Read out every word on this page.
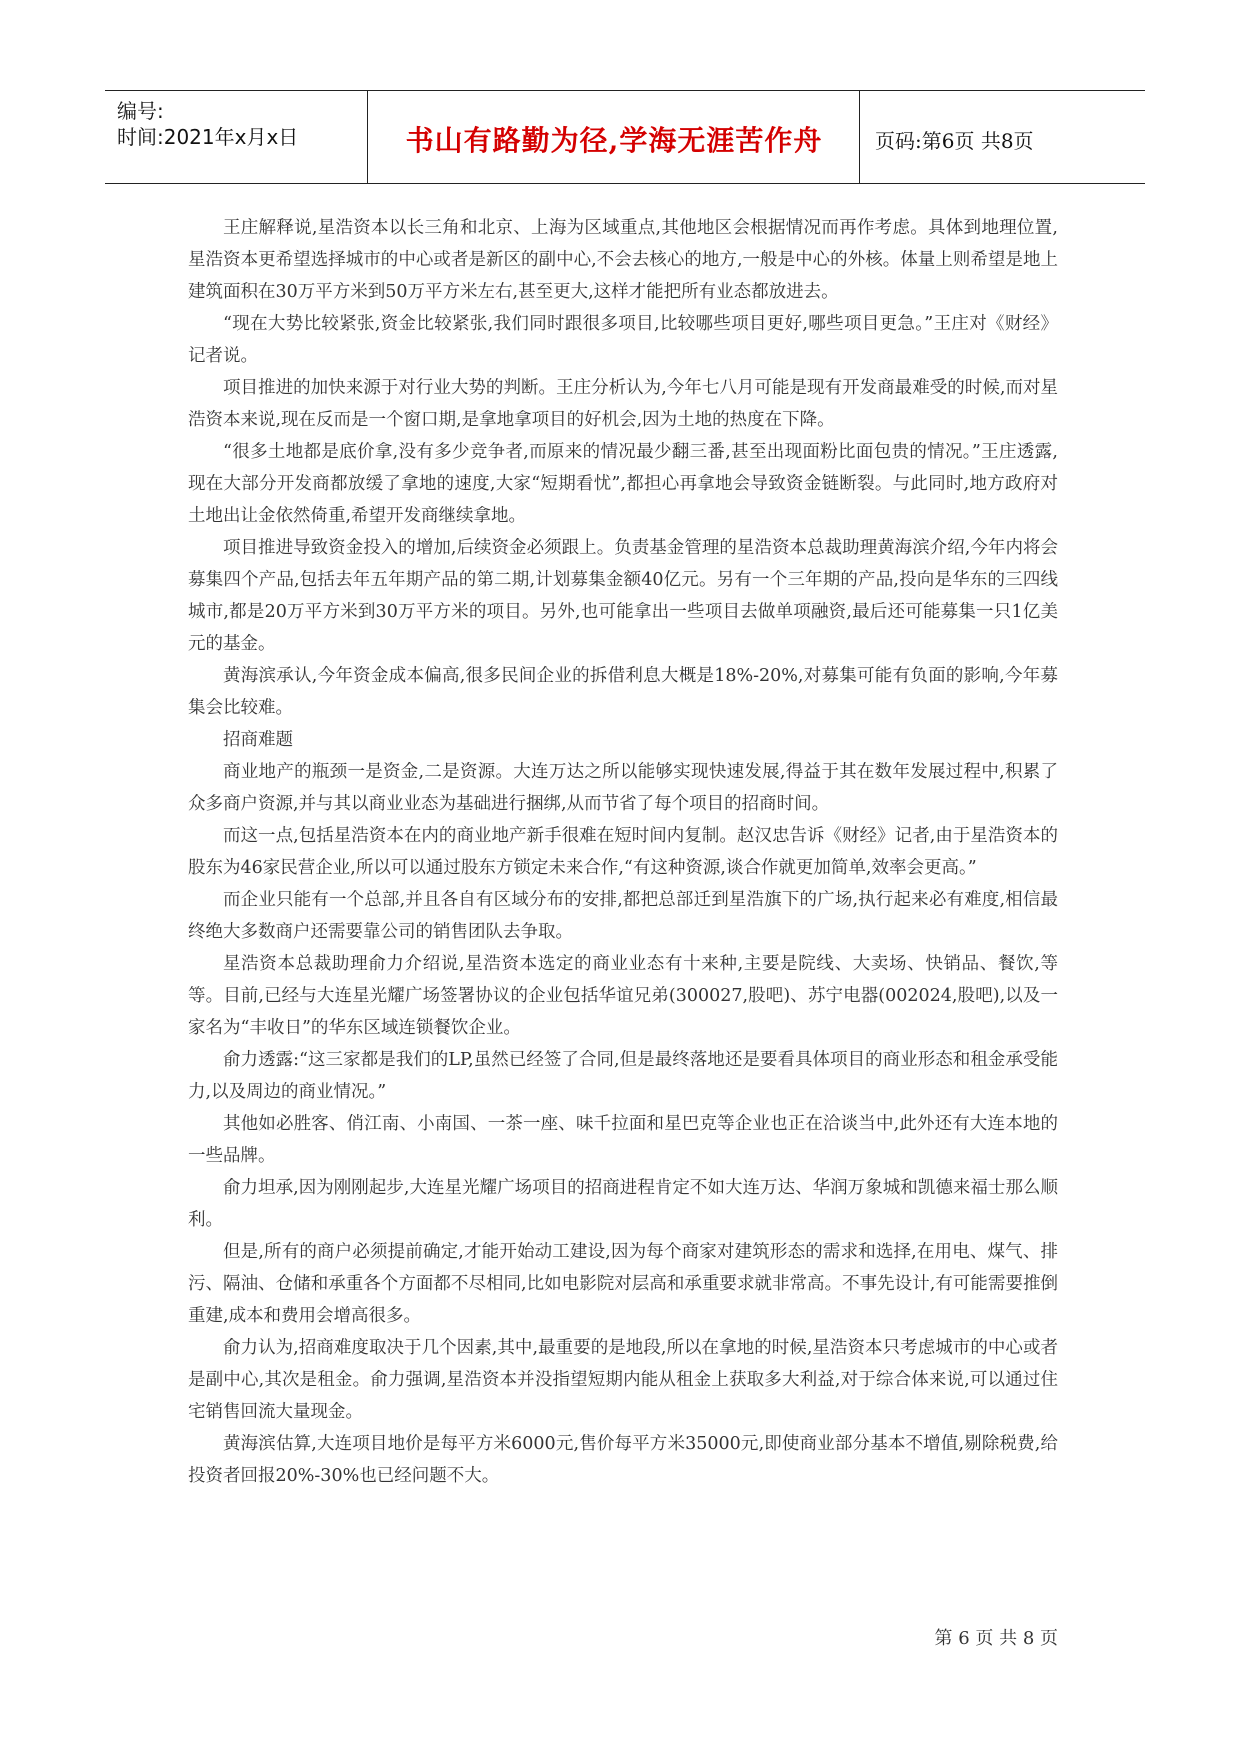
编号:
时间:2021年x月x日	书山有路勤为径,学海无涯苦作舟	页码:第6页 共8页

王庄解释说,星浩资本以长三角和北京、上海为区域重点,其他地区会根据情况而再作考虑。具体到地理位置,星浩资本更希望选择城市的中心或者是新区的副中心,不会去核心的地方,一般是中心的外核。体量上则希望是地上建筑面积在30万平方米到50万平方米左右,甚至更大,这样才能把所有业态都放进去。

“现在大势比较紧张,资金比较紧张,我们同时跟很多项目,比较哪些项目更好,哪些项目更急。”王庄对《财经》记者说。

项目推进的加快来源于对行业大势的判断。王庄分析认为,今年七八月可能是现有开发商最难受的时候,而对星浩资本来说,现在反而是一个窗口期,是拿地拿项目的好机会,因为土地的热度在下降。

“很多土地都是底价拿,没有多少竞争者,而原来的情况最少翻三番,甚至出现面粉比面包贵的情况。”王庄透露,现在大部分开发商都放缓了拿地的速度,大家“短期看忧”,都担心再拿地会导致资金链断裂。与此同时,地方政府对土地出让金依然倚重,希望开发商继续拿地。

项目推进导致资金投入的增加,后续资金必须跟上。负责基金管理的星浩资本总裁助理黄海滨介绍,今年内将会募集四个产品,包括去年五年期产品的第二期,计划募集金额40亿元。另有一个三年期的产品,投向是华东的三四线城市,都是20万平方米到30万平方米的项目。另外,也可能拿出一些项目去做单项融资,最后还可能募集一只1亿美元的基金。

黄海滨承认,今年资金成本偏高,很多民间企业的拆借利息大概是18%-20%,对募集可能有负面的影响,今年募集会比较难。

招商难题

商业地产的瓶颈一是资金,二是资源。大连万达之所以能够实现快速发展,得益于其在数年发展过程中,积累了众多商户资源,并与其以商业业态为基础进行捆绑,从而节省了每个项目的招商时间。

而这一点,包括星浩资本在内的商业地产新手很难在短时间内复制。赵汉忠告诉《财经》记者,由于星浩资本的股东为46家民营企业,所以可以通过股东方锁定未来合作,“有这种资源,谈合作就更加简单,效率会更高。”

而企业只能有一个总部,并且各自有区域分布的安排,都把总部迁到星浩旗下的广场,执行起来必有难度,相信最终绝大多数商户还需要靠公司的销售团队去争取。

星浩资本总裁助理俞力介绍说,星浩资本选定的商业业态有十来种,主要是院线、大卖场、快销品、餐饮,等等。目前,已经与大连星光耀广场签署协议的企业包括华谊兄弟(300027,股吧)、苏宁电器(002024,股吧),以及一家名为“丰收日”的华东区域连锁餐饮企业。

俞力透露:“这三家都是我们的LP,虽然已经签了合同,但是最终落地还是要看具体项目的商业形态和租金承受能力,以及周边的商业情况。”

其他如必胜客、俏江南、小南国、一茶一座、味千拉面和星巴克等企业也正在洽谈当中,此外还有大连本地的一些品牌。

俞力坦承,因为刚刚起步,大连星光耀广场项目的招商进程肯定不如大连万达、华润万象城和凯德来福士那么顺利。

但是,所有的商户必须提前确定,才能开始动工建设,因为每个商家对建筑形态的需求和选择,在用电、煤气、排污、隔油、仓储和承重各个方面都不尽相同,比如电影院对层高和承重要求就非常高。不事先设计,有可能需要推倒重建,成本和费用会增高很多。

俞力认为,招商难度取决于几个因素,其中,最重要的是地段,所以在拿地的时候,星浩资本只考虑城市的中心或者是副中心,其次是租金。俞力强调,星浩资本并没指望短期内能从租金上获取多大利益,对于综合体来说,可以通过住宅销售回流大量现金。

黄海滨估算,大连项目地价是每平方米6000元,售价每平方米35000元,即使商业部分基本不增值,剔除税费,给投资者回报20%-30%也已经问题不大。

第 6 页 共 8 页
